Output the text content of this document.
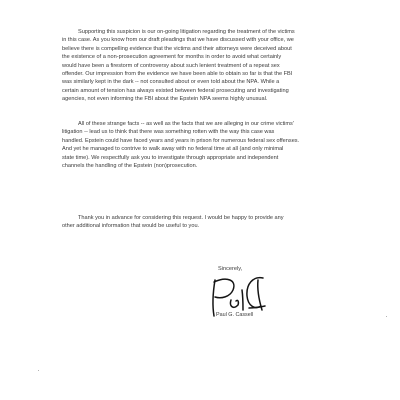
Supporting this suspicion is our on-going litigation regarding the treatment of the victims
in this case. As you know from our draft pleadings that we have discussed with your office, we
believe there is compelling evidence that the victims and their attorneys were deceived about
the existence of a non-prosecution agreement for months in order to avoid what certainly
would have been a firestorm of controversy about such lenient treatment of a repeat sex
offender. Our impression from the evidence we have been able to obtain so far is that the FBI
was similarly kept in the dark -- not consulted about or even told about the NPA. While a
certain amount of tension has always existed between federal prosecuting and investigating
agencies, not even informing the FBI about the Epstein NPA seems highly unusual.

All of these strange facts -- as well as the facts that we are alleging in our crime victims'
litigation -- lead us to think that there was something rotten with the way this case was
handled. Epstein could have faced years and years in prison for numerous federal sex offenses.
And yet he managed to contrive to walk away with no federal time at all (and only minimal
state time). We respectfully ask you to investigate through appropriate and independent
channels the handling of the Epstein (non)prosecution.

Thank you in advance for considering this request. I would be happy to provide any
other additional information that would be useful to you.

Sincerely,

Paul G. Cassell
